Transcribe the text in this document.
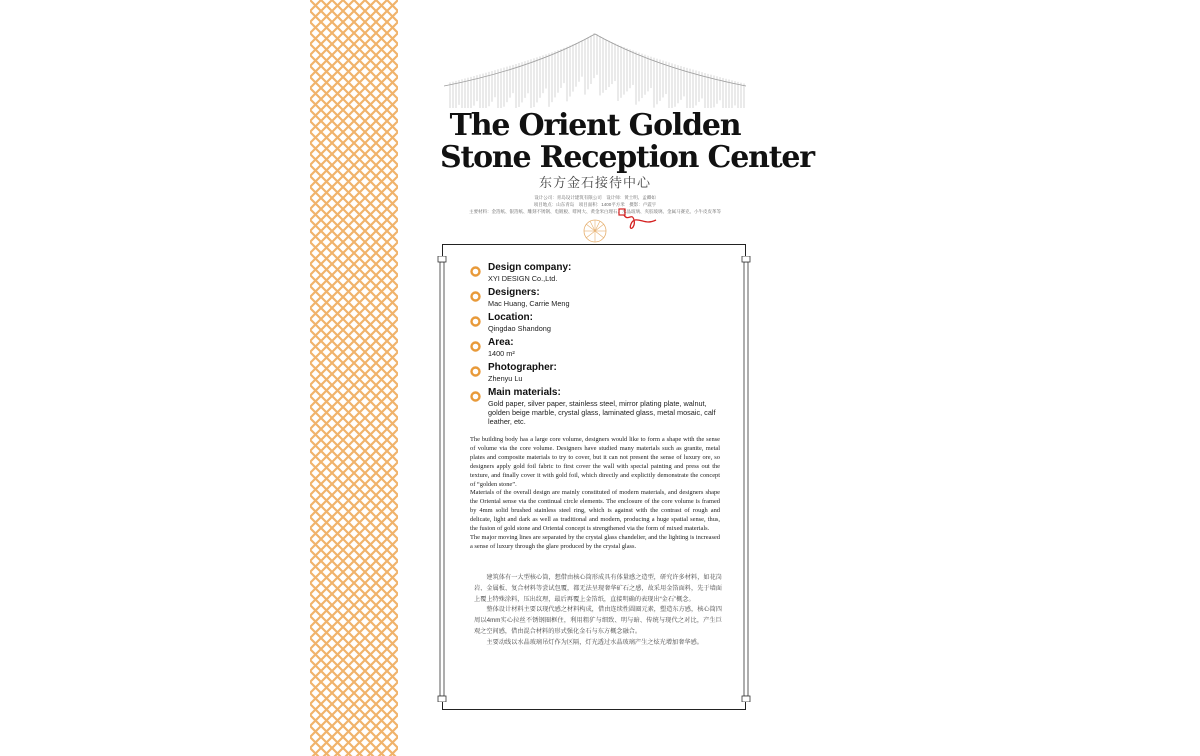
The Orient Golden
Stone Reception Center
东方金石接待中心
设计公司：青岛设计建筑有限公司　设计师：黄士明、孟卿如
项目地点：山东青岛　项目面积：1400平方米　摄影：卢震宇
主要材料：金箔纸、银箔纸、雕刻不锈钢、电镀板、啡网大、黄金米白理石、水晶玻璃、夹胶玻璃、金属马赛克、小牛皮皮革等
Design company:
XYI DESIGN Co.,Ltd.
Designers:
Mac Huang, Carrie Meng
Location:
Qingdao Shandong
Area:
1400 m²
Photographer:
Zhenyu Lu
Main materials:
Gold paper, silver paper, stainless steel, mirror plating plate, walnut, golden beige marble, crystal glass, laminated glass, metal mosaic, calf leather, etc.

The building body has a large core volume, designers would like to form a shape with the sense of volume via the core volume. Designers have studied many materials such as granite, metal plates and composite materials to try to cover, but it can not present the sense of luxury ore, so designers apply gold foil fabric to first cover the wall with special painting and press out the texture, and finally cover it with gold foil, which directly and explicitly demonstrate the concept of “golden stone”.

Materials of the overall design are mainly constituted of modern materials, and designers shape the Oriental sense via the continual circle elements. The enclosure of the core volume is framed by 4mm solid brushed stainless steel ring, which is against with the contrast of rough and delicate, light and dark as well as traditional and modern, producing a huge spatial sense, thus, the fusion of gold stone and Oriental concept is strengthened via the form of mixed materials.

The major moving lines are separated by the crystal glass chandelier, and the lighting is increased a sense of luxury through the glare produced by the crystal glass.

建筑体有一大型核心筒，想借由核心筒形成具有体量感之造型，研究许多材料，如花岗岩、金属板、复合材料等尝试包覆，都无法呈现奢华矿石之感，故采用金箔面料，先于墙面上覆上特殊涂料，压出纹理，最后再覆上金箔纸，直接明确的表现出“金石”概念。

整体设计材料主要以现代感之材料构成，借由连续性圆圈元素，塑造东方感，核心筒四周以4mm实心拉丝不锈钢圈框住，利用粗犷与细致、明与暗、传统与现代之对比，产生巨观之空间感，借由混合材料的形式强化金石与东方概念融合。

主要动线以水晶玻璃吊灯作为区隔，灯光透过水晶玻璃产生之炫光增加奢华感。
